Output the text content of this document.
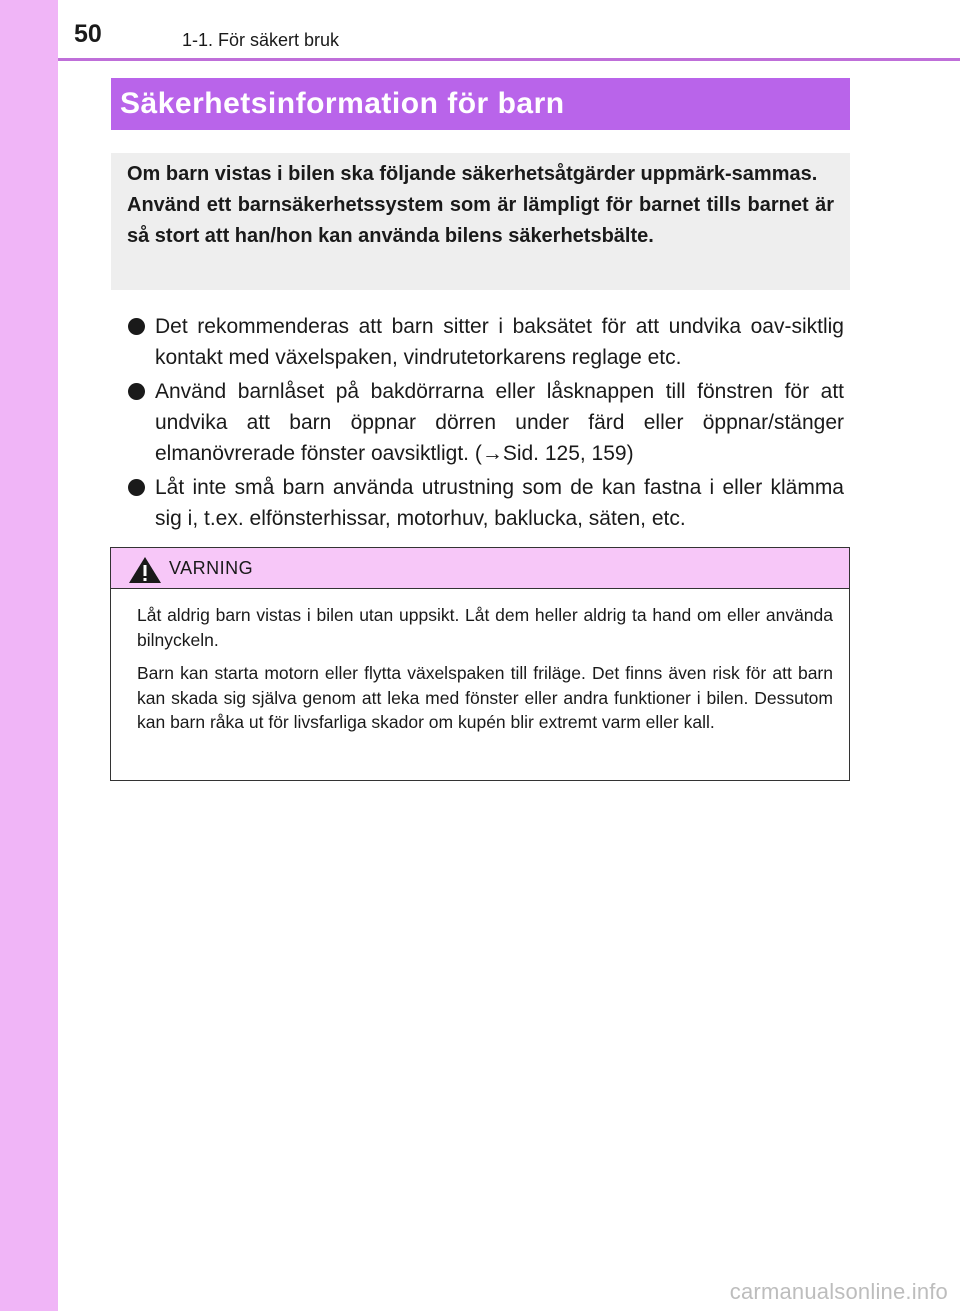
50	1-1. För säkert bruk
Säkerhetsinformation för barn

Om barn vistas i bilen ska följande säkerhetsåtgärder uppmärk-sammas.

Använd ett barnsäkerhetssystem som är lämpligt för barnet tills barnet är så stort att han/hon kan använda bilens säkerhetsbälte.

Det rekommenderas att barn sitter i baksätet för att undvika oav-siktlig kontakt med växelspaken, vindrutetorkarens reglage etc.
Använd barnlåset på bakdörrarna eller låsknappen till fönstren för att undvika att barn öppnar dörren under färd eller öppnar/stänger elmanövrerade fönster oavsiktligt. (→Sid. 125, 159)
Låt inte små barn använda utrustning som de kan fastna i eller klämma sig i, t.ex. elfönsterhissar, motorhuv, baklucka, säten, etc.
VARNING

Låt aldrig barn vistas i bilen utan uppsikt. Låt dem heller aldrig ta hand om eller använda bilnyckeln.

Barn kan starta motorn eller flytta växelspaken till friläge. Det finns även risk för att barn kan skada sig själva genom att leka med fönster eller andra funktioner i bilen. Dessutom kan barn råka ut för livsfarliga skador om kupén blir extremt varm eller kall.

carmanualsonline.info
